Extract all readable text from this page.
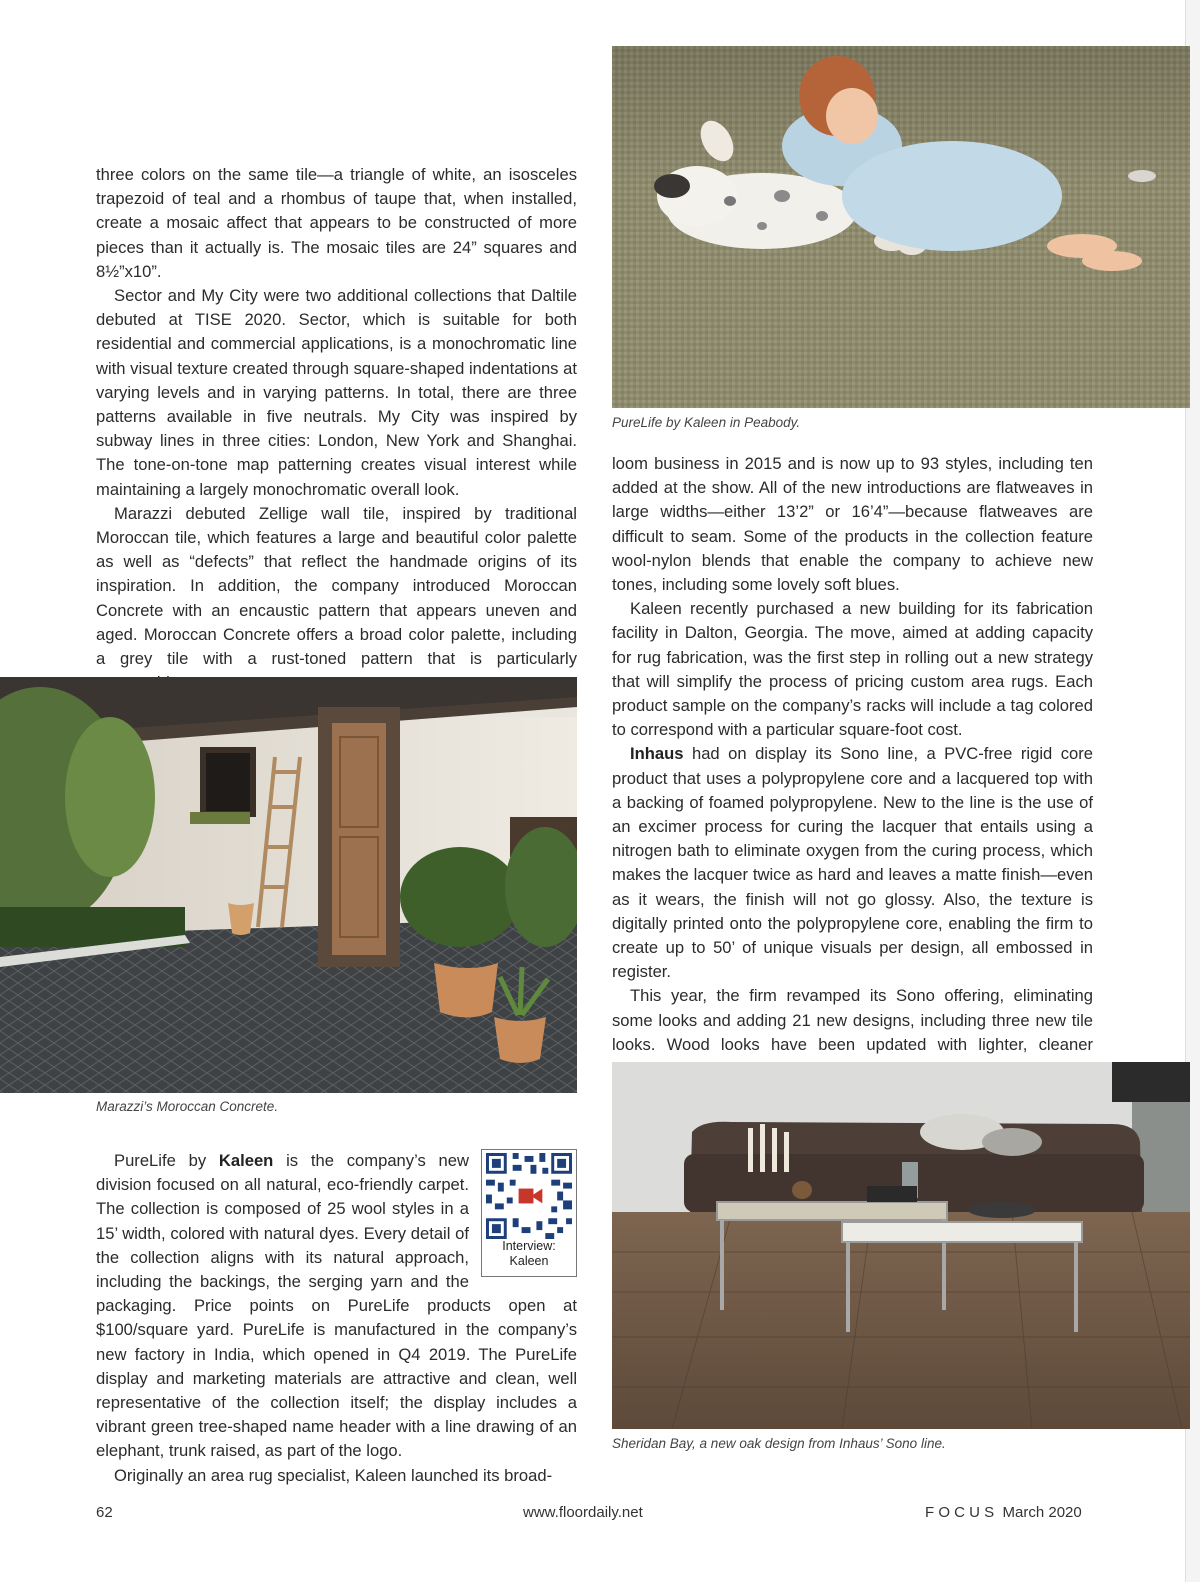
three colors on the same tile—a triangle of white, an isosceles trapezoid of teal and a rhombus of taupe that, when installed, create a mosaic affect that appears to be constructed of more pieces than it actually is. The mosaic tiles are 24” squares and 8½”x10”.

Sector and My City were two additional collections that Daltile debuted at TISE 2020. Sector, which is suitable for both residential and commercial applications, is a monochromatic line with visual texture created through square-shaped indentations at varying levels and in varying patterns. In total, there are three patterns available in five neutrals. My City was inspired by subway lines in three cities: London, New York and Shanghai. The tone-on-tone map patterning creates visual interest while maintaining a largely monochromatic overall look.

Marazzi debuted Zellige wall tile, inspired by traditional Moroccan tile, which features a large and beautiful color palette as well as “defects” that reflect the handmade origins of its inspiration. In addition, the company introduced Moroccan Concrete with an encaustic pattern that appears uneven and aged. Moroccan Concrete offers a broad color palette, including a grey tile with a rust-toned pattern that is particularly

Marazzi’s Moroccan Concrete.
Interview:
Kaleen

PureLife by Kaleen is the company’s new division focused on all natural, eco-friendly carpet. The collection is composed of 25 wool styles in a 15’ width, colored with natural dyes. Every detail of the collection aligns with its natural approach, including the backings, the serging yarn and the packaging. Price points on PureLife products open at $100/square yard. PureLife is manufactured in the company’s new factory in India, which opened in Q4 2019. The PureLife display and marketing materials are attractive and clean, well representative of the collection itself; the display includes a vibrant green tree-shaped name header with a line drawing of an elephant, trunk raised, as part of the logo.

Originally an area rug specialist, Kaleen launched its broad-

PureLife by Kaleen in Peabody.

loom business in 2015 and is now up to 93 styles, including ten added at the show. All of the new introductions are flatweaves in large widths—either 13’2” or 16’4”—because flatweaves are difficult to seam. Some of the products in the collection feature wool-nylon blends that enable the company to achieve new tones, including some lovely soft blues.

Kaleen recently purchased a new building for its fabrication facility in Dalton, Georgia. The move, aimed at adding capacity for rug fabrication, was the first step in rolling out a new strategy that will simplify the process of pricing custom area rugs. Each product sample on the company’s racks will include a tag colored to correspond with a particular square-foot cost.

Inhaus had on display its Sono line, a PVC-free rigid core product that uses a polypropylene core and a lacquered top with a backing of foamed polypropylene. New to the line is the use of an excimer process for curing the lacquer that entails using a nitrogen bath to eliminate oxygen from the curing process, which makes the lacquer twice as hard and leaves a matte finish—even as it wears, the finish will not go glossy. Also, the texture is digitally printed onto the polypropylene core, enabling the firm to create up to 50’ of unique visuals per design, all embossed in register.

This year, the firm revamped its Sono offering, eliminating some looks and adding 21 new designs, including three new tile looks. Wood looks have been updated with lighter, cleaner

Sheridan Bay, a new oak design from Inhaus’ Sono line.
62	www.floordaily.net	F O C U S  March 2020
